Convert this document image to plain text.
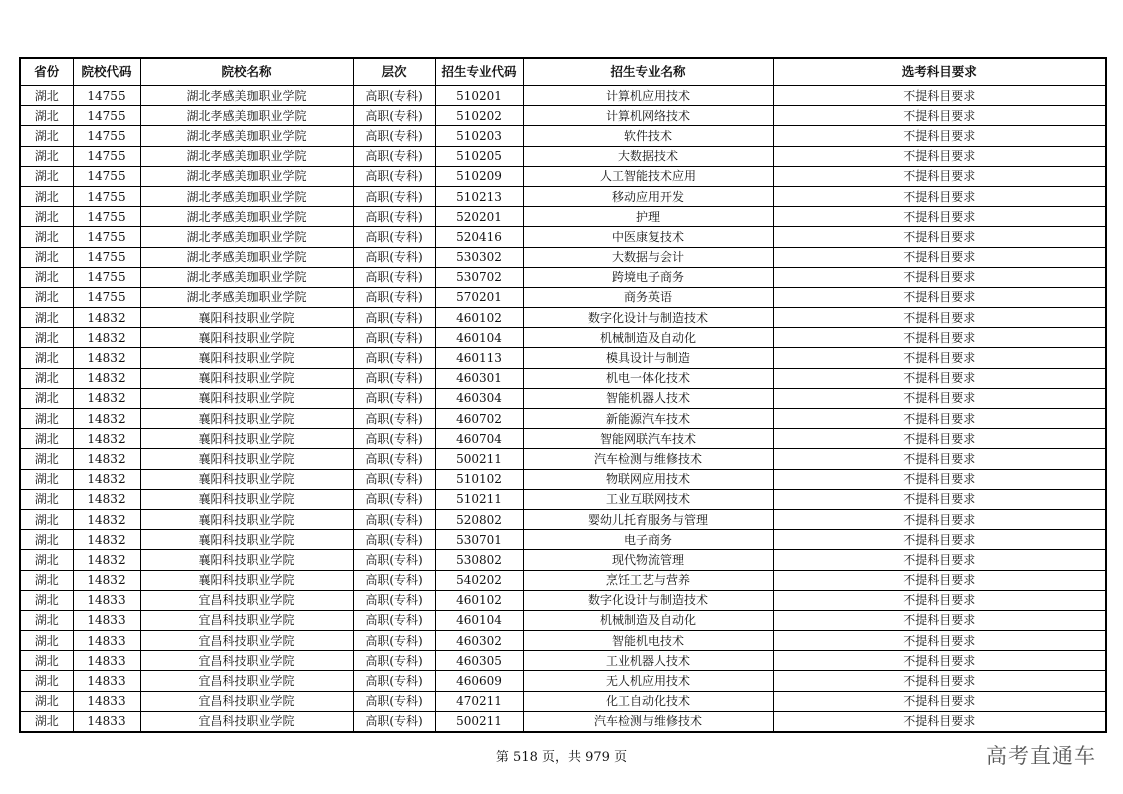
省份	院校代码	院校名称	层次	招生专业代码	招生专业名称	选考科目要求
湖北	14755	湖北孝感美珈职业学院	高职(专科)	510201	计算机应用技术	不提科目要求
湖北	14755	湖北孝感美珈职业学院	高职(专科)	510202	计算机网络技术	不提科目要求
湖北	14755	湖北孝感美珈职业学院	高职(专科)	510203	软件技术	不提科目要求
湖北	14755	湖北孝感美珈职业学院	高职(专科)	510205	大数据技术	不提科目要求
湖北	14755	湖北孝感美珈职业学院	高职(专科)	510209	人工智能技术应用	不提科目要求
湖北	14755	湖北孝感美珈职业学院	高职(专科)	510213	移动应用开发	不提科目要求
湖北	14755	湖北孝感美珈职业学院	高职(专科)	520201	护理	不提科目要求
湖北	14755	湖北孝感美珈职业学院	高职(专科)	520416	中医康复技术	不提科目要求
湖北	14755	湖北孝感美珈职业学院	高职(专科)	530302	大数据与会计	不提科目要求
湖北	14755	湖北孝感美珈职业学院	高职(专科)	530702	跨境电子商务	不提科目要求
湖北	14755	湖北孝感美珈职业学院	高职(专科)	570201	商务英语	不提科目要求
湖北	14832	襄阳科技职业学院	高职(专科)	460102	数字化设计与制造技术	不提科目要求
湖北	14832	襄阳科技职业学院	高职(专科)	460104	机械制造及自动化	不提科目要求
湖北	14832	襄阳科技职业学院	高职(专科)	460113	模具设计与制造	不提科目要求
湖北	14832	襄阳科技职业学院	高职(专科)	460301	机电一体化技术	不提科目要求
湖北	14832	襄阳科技职业学院	高职(专科)	460304	智能机器人技术	不提科目要求
湖北	14832	襄阳科技职业学院	高职(专科)	460702	新能源汽车技术	不提科目要求
湖北	14832	襄阳科技职业学院	高职(专科)	460704	智能网联汽车技术	不提科目要求
湖北	14832	襄阳科技职业学院	高职(专科)	500211	汽车检测与维修技术	不提科目要求
湖北	14832	襄阳科技职业学院	高职(专科)	510102	物联网应用技术	不提科目要求
湖北	14832	襄阳科技职业学院	高职(专科)	510211	工业互联网技术	不提科目要求
湖北	14832	襄阳科技职业学院	高职(专科)	520802	婴幼儿托育服务与管理	不提科目要求
湖北	14832	襄阳科技职业学院	高职(专科)	530701	电子商务	不提科目要求
湖北	14832	襄阳科技职业学院	高职(专科)	530802	现代物流管理	不提科目要求
湖北	14832	襄阳科技职业学院	高职(专科)	540202	烹饪工艺与营养	不提科目要求
湖北	14833	宜昌科技职业学院	高职(专科)	460102	数字化设计与制造技术	不提科目要求
湖北	14833	宜昌科技职业学院	高职(专科)	460104	机械制造及自动化	不提科目要求
湖北	14833	宜昌科技职业学院	高职(专科)	460302	智能机电技术	不提科目要求
湖北	14833	宜昌科技职业学院	高职(专科)	460305	工业机器人技术	不提科目要求
湖北	14833	宜昌科技职业学院	高职(专科)	460609	无人机应用技术	不提科目要求
湖北	14833	宜昌科技职业学院	高职(专科)	470211	化工自动化技术	不提科目要求
湖北	14833	宜昌科技职业学院	高职(专科)	500211	汽车检测与维修技术	不提科目要求
第 518 页，共 979 页	高考直通车
